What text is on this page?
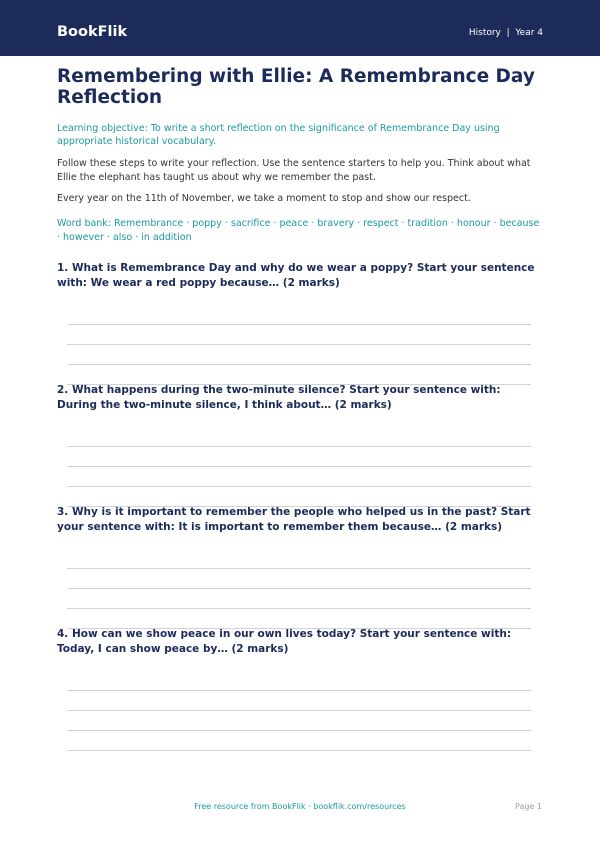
BookFlik	History  |  Year 4
Remembering with Ellie: A Remembrance Day Reflection

Learning objective: To write a short reflection on the significance of Remembrance Day using appropriate historical vocabulary.

Follow these steps to write your reflection. Use the sentence starters to help you. Think about what Ellie the elephant has taught us about why we remember the past.

Every year on the 11th of November, we take a moment to stop and show our respect.

Word bank: Remembrance · poppy · sacrifice · peace · bravery · respect · tradition · honour · because · however · also · in addition

1. What is Remembrance Day and why do we wear a poppy? Start your sentence with: We wear a red poppy because… (2 marks)

2. What happens during the two-minute silence? Start your sentence with: During the two-minute silence, I think about… (2 marks)

3. Why is it important to remember the people who helped us in the past? Start your sentence with: It is important to remember them because… (2 marks)

4. How can we show peace in our own lives today? Start your sentence with: Today, I can show peace by… (2 marks)

Free resource from BookFlik · bookflik.com/resources	Page 1
